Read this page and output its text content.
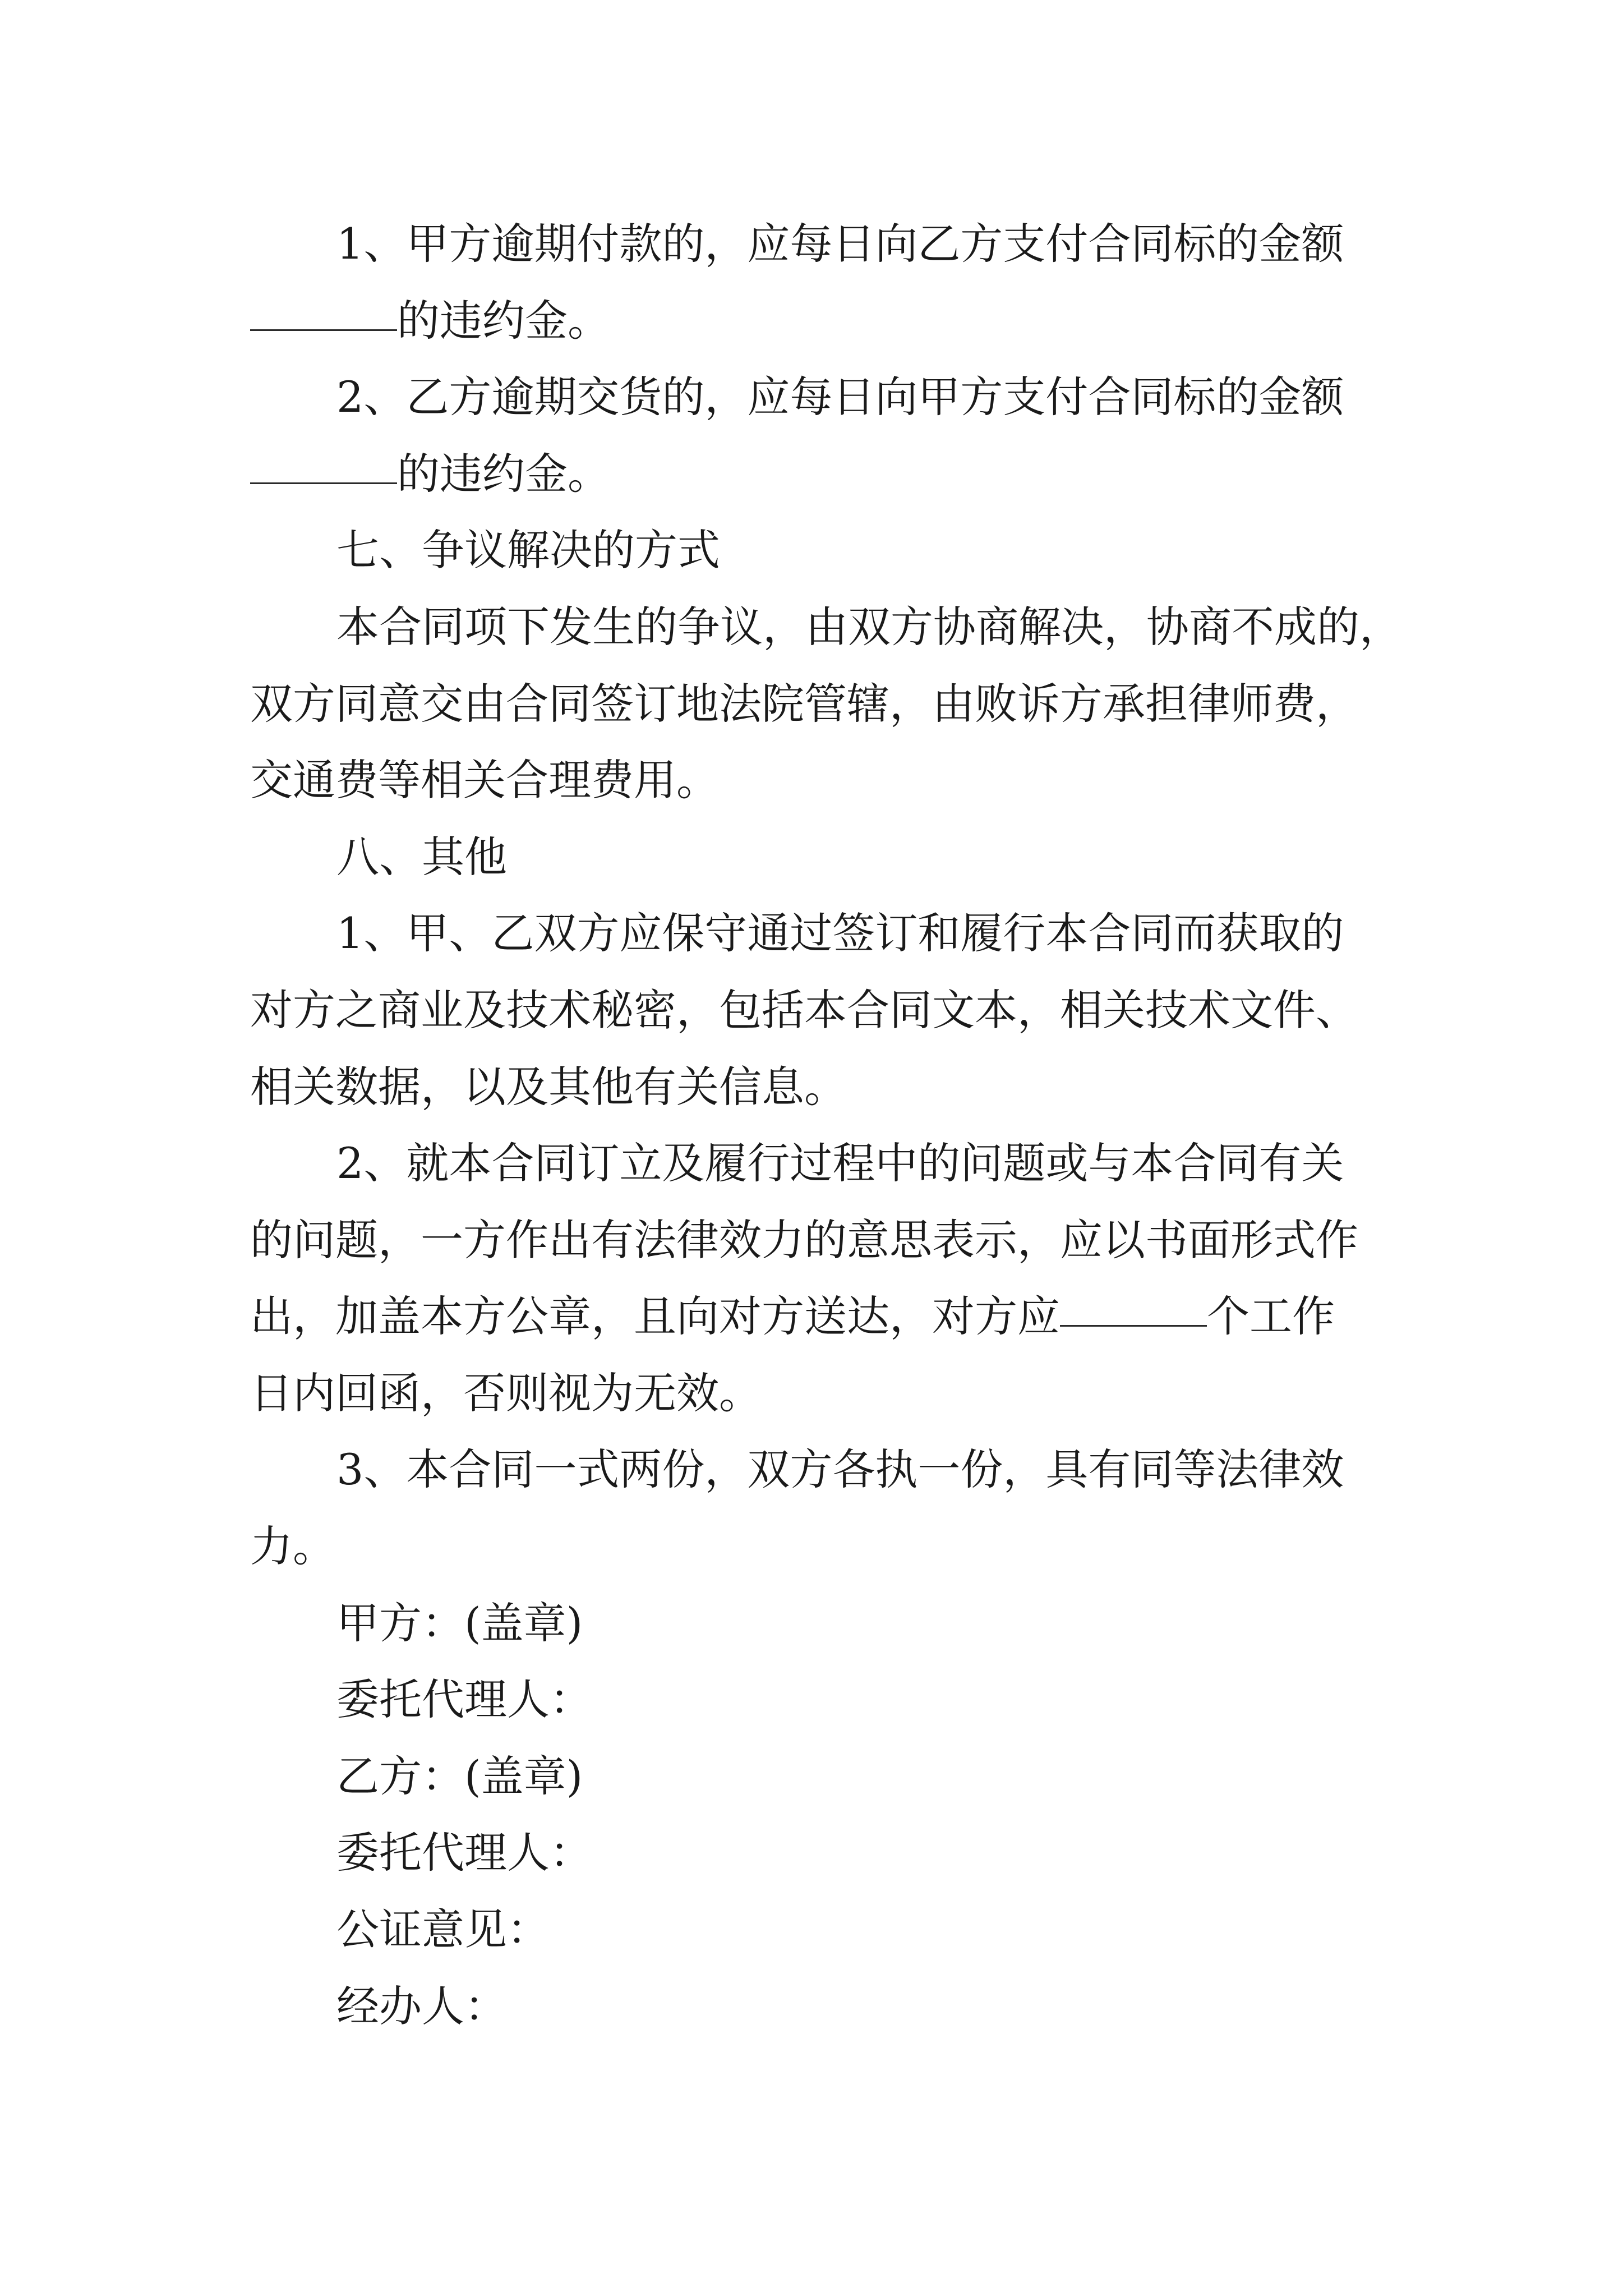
1、甲方逾期付款的，应每日向乙方支付合同标的金额
的违约金。
2、乙方逾期交货的，应每日向甲方支付合同标的金额
的违约金。
七、争议解决的方式
本合同项下发生的争议，由双方协商解决，协商不成的，
双方同意交由合同签订地法院管辖，由败诉方承担律师费，
交通费等相关合理费用。
八、其他
1、甲、乙双方应保守通过签订和履行本合同而获取的
对方之商业及技术秘密，包括本合同文本，相关技术文件、
相关数据，以及其他有关信息。
2、就本合同订立及履行过程中的问题或与本合同有关
的问题，一方作出有法律效力的意思表示，应以书面形式作
出，加盖本方公章，且向对方送达，对方应	个工作
日内回函，否则视为无效。
3、本合同一式两份，双方各执一份，具有同等法律效
力。
甲方：(盖章)
委托代理人：
乙方：(盖章)
委托代理人：
公证意见：
经办人：
